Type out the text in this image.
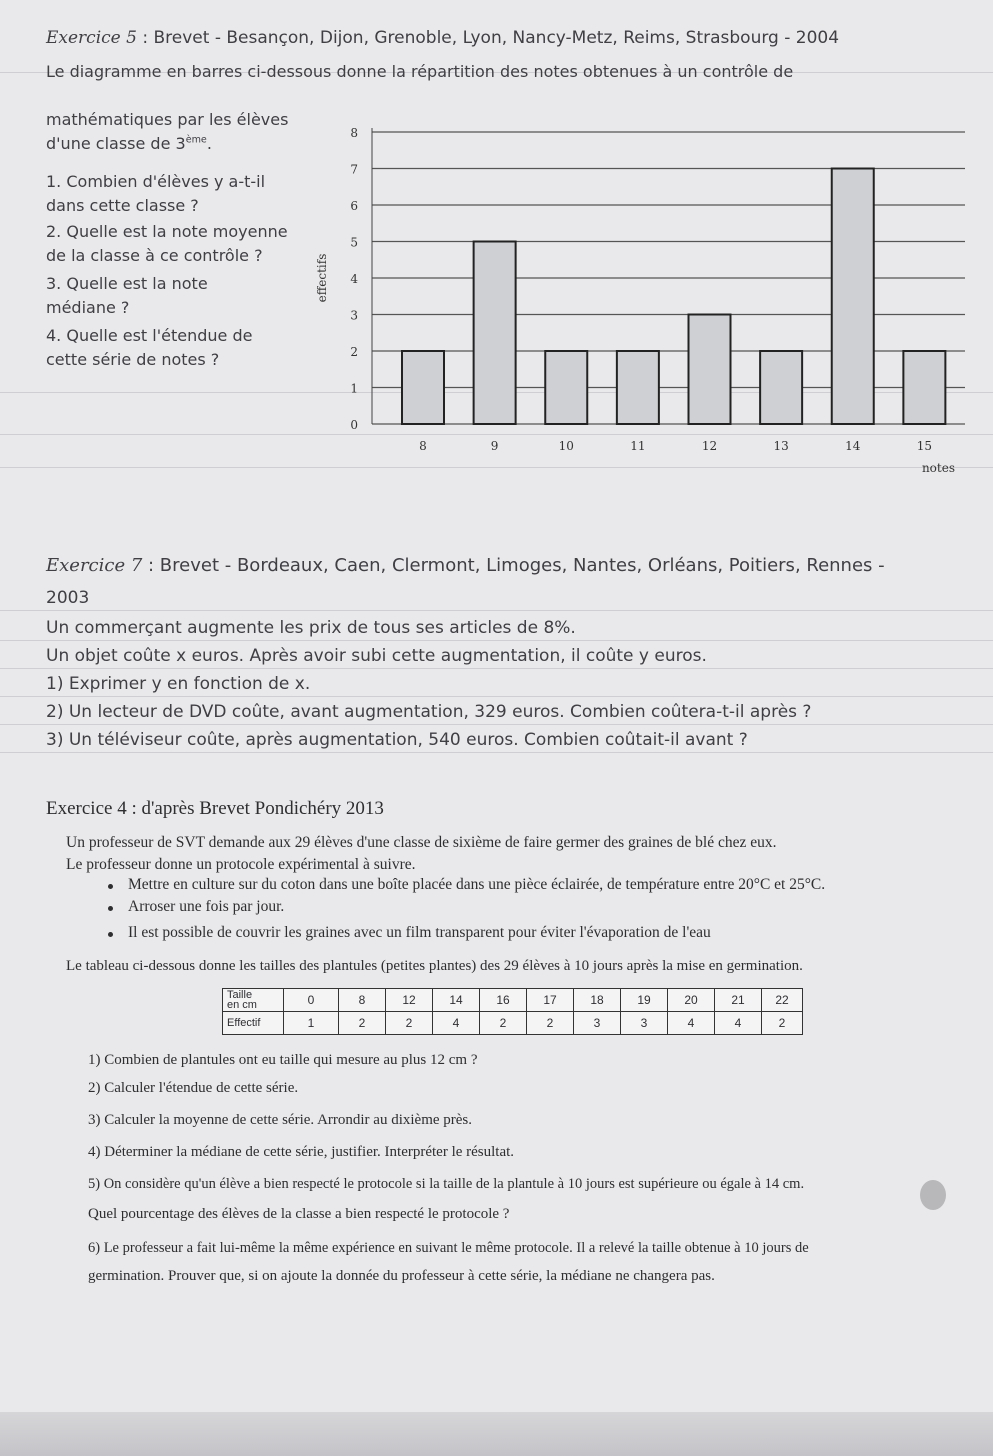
Exercice 5 : Brevet - Besançon, Dijon, Grenoble, Lyon, Nancy-Metz, Reims, Strasbourg - 2004
Le diagramme en barres ci-dessous donne la répartition des notes obtenues à un contrôle de
mathématiques par les élèves
d'une classe de 3ème.
1. Combien d'élèves y a-t-il
dans cette classe ?
2. Quelle est la note moyenne
de la classe à ce contrôle ?
3. Quelle est la note
médiane ?
4. Quelle est l'étendue de
cette série de notes ?
0
1
2
3
4
5
6
7
8
8	9	10	11	12	13	14	15
effectifs
notes
Exercice 7 : Brevet - Bordeaux, Caen, Clermont, Limoges, Nantes, Orléans, Poitiers, Rennes -
2003
Un commerçant augmente les prix de tous ses articles de 8%.
Un objet coûte x euros. Après avoir subi cette augmentation, il coûte y euros.
1) Exprimer y en fonction de x.
2) Un lecteur de DVD coûte, avant augmentation, 329 euros. Combien coûtera-t-il après ?
3) Un téléviseur coûte, après augmentation, 540 euros. Combien coûtait-il avant ?
Exercice 4 : d'après Brevet Pondichéry 2013
Un professeur de SVT demande aux 29 élèves d'une classe de sixième de faire germer des graines de blé chez eux.
Le professeur donne un protocole expérimental à suivre.
Mettre en culture sur du coton dans une boîte placée dans une pièce éclairée, de température entre 20°C et 25°C.
Arroser une fois par jour.
Il est possible de couvrir les graines avec un film transparent pour éviter l'évaporation de l'eau
Le tableau ci-dessous donne les tailles des plantules (petites plantes) des 29 élèves à 10 jours après la mise en germination.
Taille
en cm	0	8	12	14	16	17	18	19	20	21	22
Effectif	1	2	2	4	2	2	3	3	4	4	2
1) Combien de plantules ont eu taille qui mesure au plus 12 cm ?
2) Calculer l'étendue de cette série.
3) Calculer la moyenne de cette série. Arrondir au dixième près.
4) Déterminer la médiane de cette série, justifier. Interpréter le résultat.
5) On considère qu'un élève a bien respecté le protocole si la taille de la plantule à 10 jours est supérieure ou égale à 14 cm.
Quel pourcentage des élèves de la classe a bien respecté le protocole ?
6) Le professeur a fait lui-même la même expérience en suivant le même protocole. Il a relevé la taille obtenue à 10 jours de
germination. Prouver que, si on ajoute la donnée du professeur à cette série, la médiane ne changera pas.
